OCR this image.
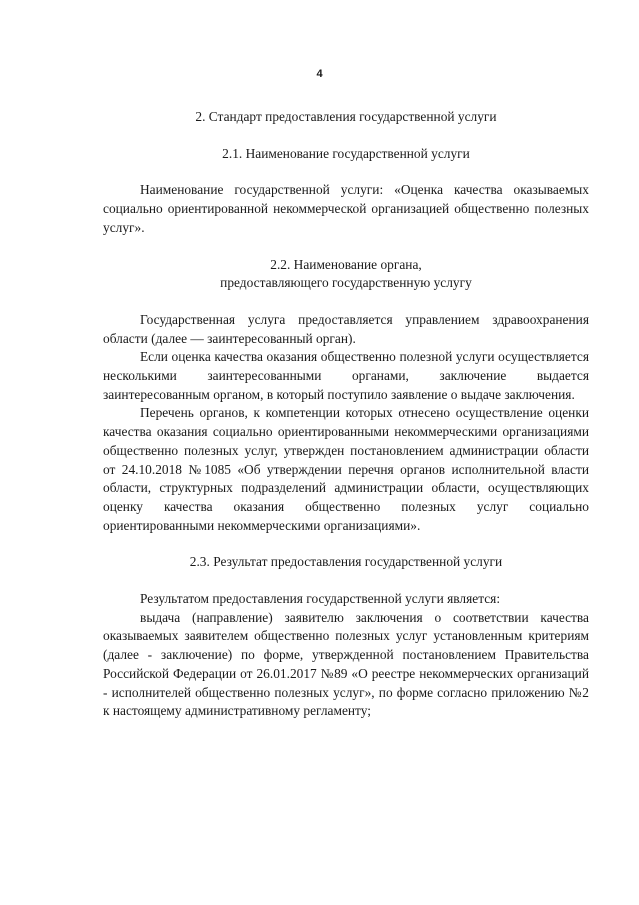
4

2. Стандарт предоставления государственной услуги

2.1. Наименование государственной услуги

Наименование государственной услуги: «Оценка качества оказываемых социально ориентированной некоммерческой организацией общественно полезных услуг».

2.2. Наименование органа,
предоставляющего государственную услугу

Государственная услуга предоставляется управлением здравоохранения области (далее — заинтересованный орган).

Если оценка качества оказания общественно полезной услуги осуществляется несколькими заинтересованными органами, заключение выдается заинтересованным органом, в который поступило заявление о выдаче заключения.

Перечень органов, к компетенции которых отнесено осуществление оценки качества оказания социально ориентированными некоммерческими организациями общественно полезных услуг, утвержден постановлением администрации области от 24.10.2018 №1085 «Об утверждении перечня органов исполнительной власти области, структурных подразделений администрации области, осуществляющих оценку качества оказания общественно полезных услуг социально ориентированными некоммерческими организациями».

2.3. Результат предоставления государственной услуги

Результатом предоставления государственной услуги является:

выдача (направление) заявителю заключения о соответствии качества оказываемых заявителем общественно полезных услуг установленным критериям (далее - заключение) по форме, утвержденной постановлением Правительства Российской Федерации от 26.01.2017 №89 «О реестре некоммерческих организаций - исполнителей общественно полезных услуг», по форме согласно приложению №2 к настоящему административному регламенту;
